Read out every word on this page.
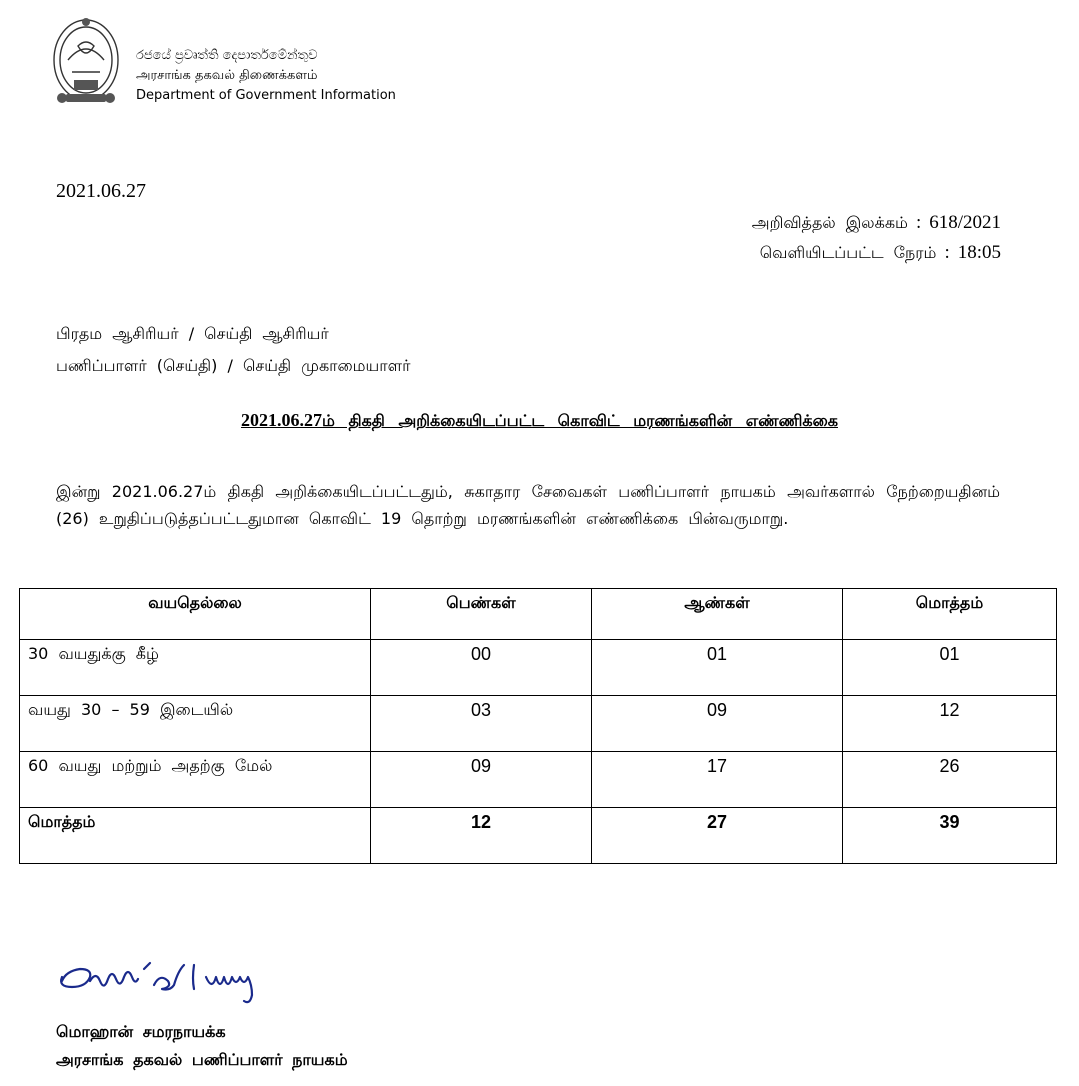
රජයේ ප්‍රවෘත්ති දෙපාර්තමේන්තුව
அரசாங்க தகவல் திணைக்களம்
Department of Government Information
2021.06.27
அறிவித்தல் இலக்கம் : 618/2021
வெளியிடப்பட்ட நேரம் : 18:05
பிரதம ஆசிரியர் / செய்தி ஆசிரியர்
பணிப்பாளர் (செய்தி) / செய்தி முகாமையாளர்
2021.06.27ம் திகதி அறிக்கையிடப்பட்ட கொவிட் மரணங்களின் எண்ணிக்கை
இன்று 2021.06.27ம் திகதி அறிக்கையிடப்பட்டதும், சுகாதார சேவைகள் பணிப்பாளர் நாயகம் அவர்களால் நேற்றையதினம் (26) உறுதிப்படுத்தப்பட்டதுமான கொவிட் 19 தொற்று மரணங்களின் எண்ணிக்கை பின்வருமாறு.
வயதெல்லை	பெண்கள்	ஆண்கள்	மொத்தம்
30 வயதுக்கு கீழ்	00	01	01
வயது 30 – 59 இடையில்	03	09	12
60 வயது மற்றும் அதற்கு மேல்	09	17	26
மொத்தம்	12	27	39
மொஹான் சமரநாயக்க
அரசாங்க தகவல் பணிப்பாளர் நாயகம்
